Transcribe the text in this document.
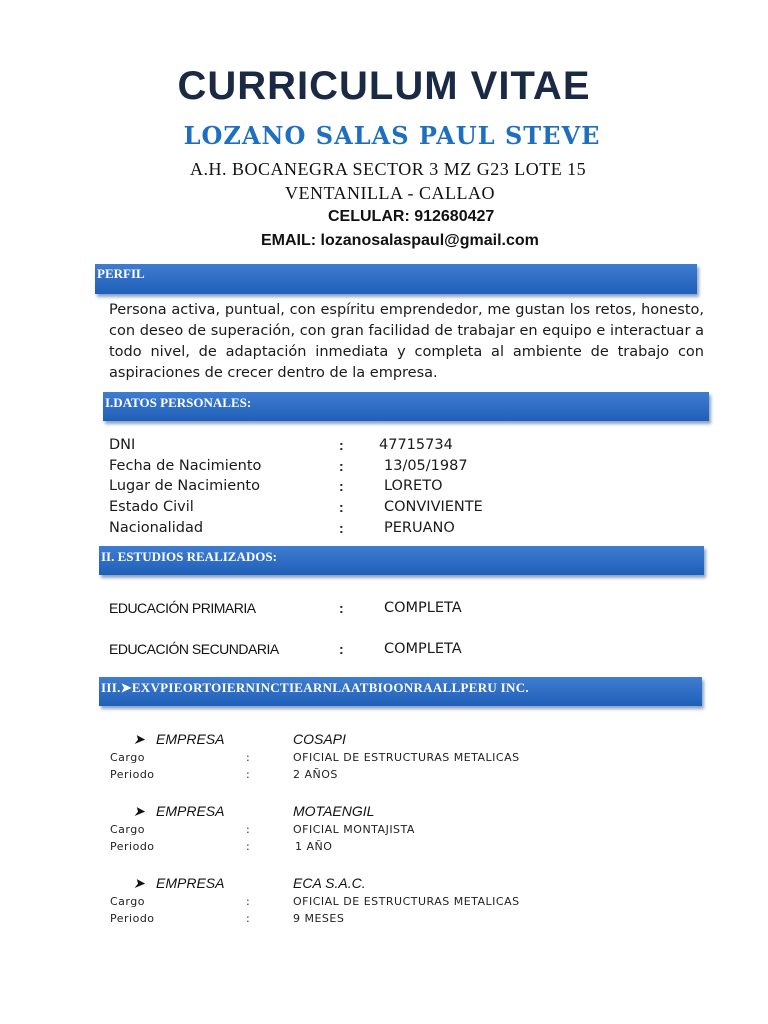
CURRICULUM VITAE
LOZANO SALAS PAUL STEVE
A.H. BOCANEGRA SECTOR 3 MZ G23 LOTE 15
VENTANILLA - CALLAO
CELULAR: 912680427
EMAIL: lozanosalaspaul@gmail.com
PERFIL
Persona activa, puntual, con espíritu emprendedor, me gustan los retos, honesto, con deseo de superación, con gran facilidad de trabajar en equipo e interactuar a todo nivel, de adaptación inmediata y completa al ambiente de trabajo con aspiraciones de crecer dentro de la empresa.
I.DATOS PERSONALES:
DNI	: 47715734
Fecha de Nacimiento	:	13/05/1987
Lugar de Nacimiento	:	LORETO
Estado Civil	:	CONVIVIENTE
Nacionalidad	:	PERUANO
II. ESTUDIOS REALIZADOS:
EDUCACIÓN PRIMARIA	:	COMPLETA
EDUCACIÓN SECUNDARIA	:	COMPLETA
III.➤EXVPIEORTOIERNINCTIEARNLAATBIOONRAALLPERU INC.
➤ EMPRESA	COSAPI
Cargo	:	OFICIAL DE ESTRUCTURAS METALICAS
Periodo	:	2 AÑOS
➤ EMPRESA	MOTAENGIL
Cargo	:	OFICIAL MONTAJISTA
Periodo	:	1 AÑO
➤ EMPRESA	ECA S.A.C.
Cargo	:	OFICIAL DE ESTRUCTURAS METALICAS
Periodo	:	9 MESES
